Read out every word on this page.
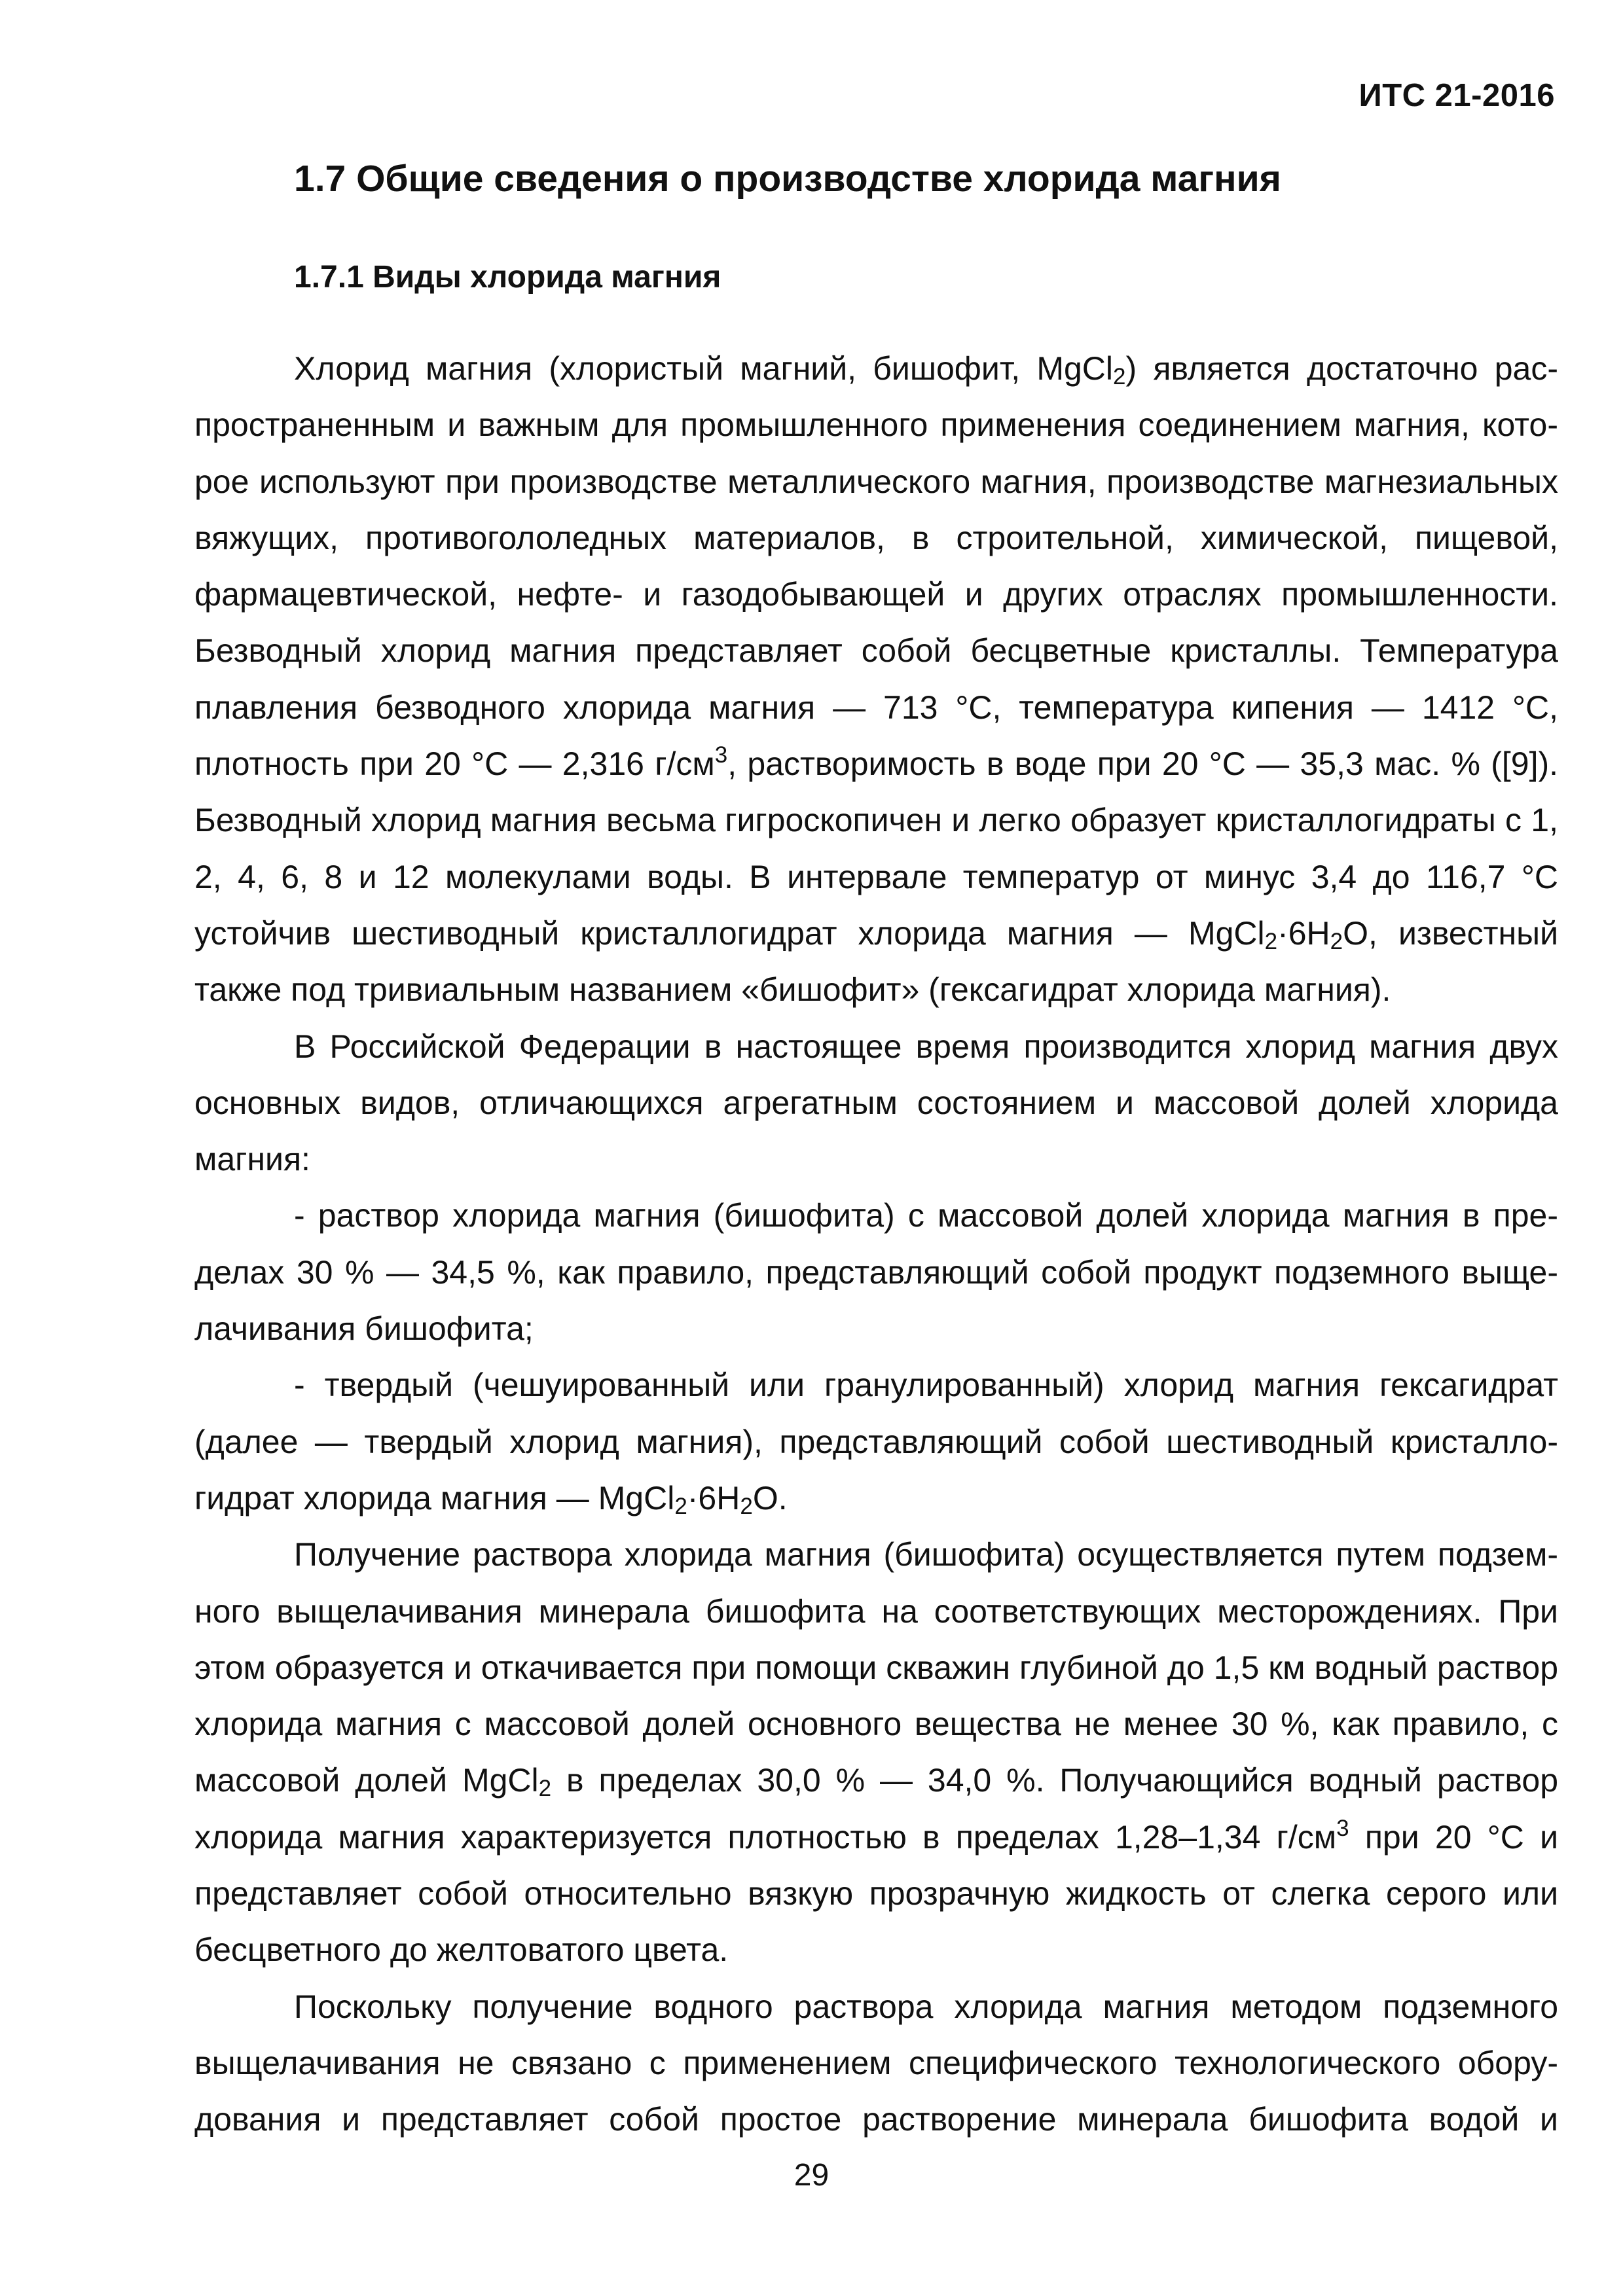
ИТС 21-2016
1.7 Общие сведения о производстве хлорида магния
1.7.1 Виды хлорида магния

Хлорид магния (хлористый магний, бишофит, MgCl$_2$) является достаточно распространенным и важным для промышленного применения соединением магния, которое используют при производстве металлического магния, производстве магнезиальных вяжущих, противогололедных материалов, в строительной, химической, пищевой, фармацевтической, нефте- и газодобывающей и других отраслях промышленности. Безводный хлорид магния представляет собой бесцветные кристаллы. Температура плавления безводного хлорида магния — 713 °С, температура кипения — 1412 °С, плотность при 20 °С — 2,316 $г/см^3$, растворимость в воде при 20 °С — 35,3 мас. % ([9]). Безводный хлорид магния весьма гигроскопичен и легко образует кристаллогидраты с 1, 2, 4, 6, 8 и 12 молекулами воды. В интервале температур от минус 3,4 до 116,7 °С устойчив шестиводный кристаллогидрат хлорида магния — $MgCl_2\cdot 6H_2O$, известный также под тривиальным названием «бишофит» (гексагидрат хлорида магния).

В Российской Федерации в настоящее время производится хлорид магния двух основных видов, отличающихся агрегатным состоянием и массовой долей хлорида магния:

- раствор хлорида магния (бишофита) с массовой долей хлорида магния в пределах 30 % — 34,5 %, как правило, представляющий собой продукт подземного выщелачивания бишофита;

- твердый (чешуированный или гранулированный) хлорид магния гексагидрат (далее — твердый хлорид магния), представляющий собой шестиводный кристаллогидрат хлорида магния — $MgCl_2\cdot 6H_2O$.

Получение раствора хлорида магния (бишофита) осуществляется путем подземного выщелачивания минерала бишофита на соответствующих месторождениях. При этом образуется и откачивается при помощи скважин глубиной до 1,5 км водный раствор хлорида магния с массовой долей основного вещества не менее 30 %, как правило, с массовой долей MgCl$_2$ в пределах 30,0 % — 34,0 %. Получающийся водный раствор хлорида магния характеризуется плотностью в пределах 1,28–1,34 $г/см^3$ при 20 °С и представляет собой относительно вязкую прозрачную жидкость от слегка серого или бесцветного до желтоватого цвета.

Поскольку получение водного раствора хлорида магния методом подземного выщелачивания не связано с применением специфического технологического оборудования и представляет собой простое растворение минерала бишофита водой и

29
